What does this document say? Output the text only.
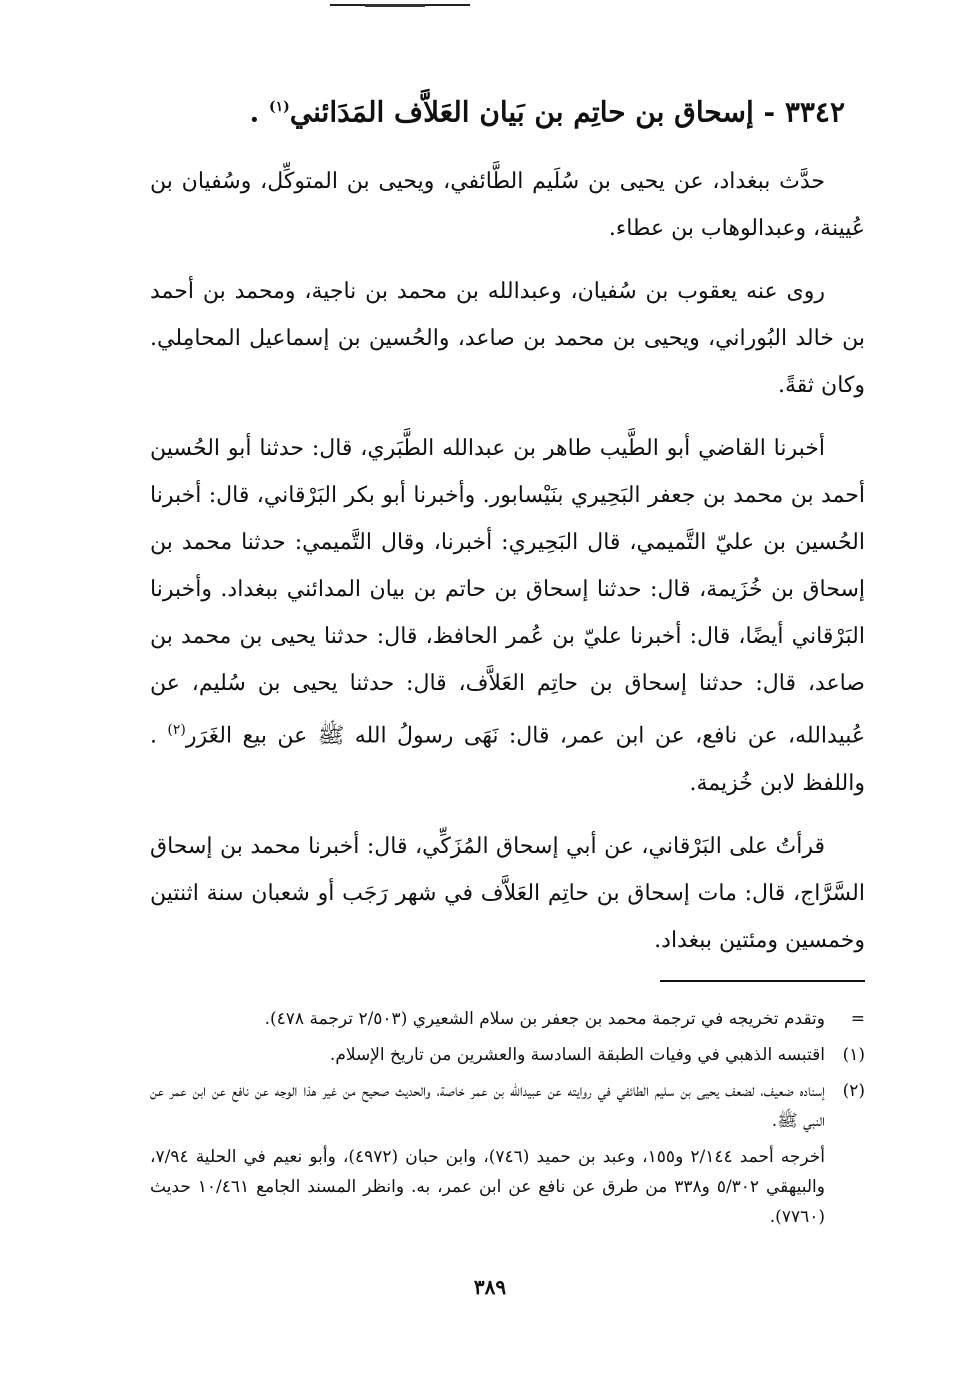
٣٣٤٢ - إسحاق بن حاتِم بن بَيان العَلاَّف المَدَائني$^{(١)}$ .

حدَّث ببغداد، عن يحيى بن سُلَيم الطَّائفي، ويحيى بن المتوكِّل، وسُفيان بن عُيينة، وعبدالوهاب بن عطاء.

روى عنه يعقوب بن سُفيان، وعبدالله بن محمد بن ناجية، ومحمد بن أحمد بن خالد البُوراني، ويحيى بن محمد بن صاعد، والحُسين بن إسماعيل المحامِلي. وكان ثقةً.

أخبرنا القاضي أبو الطَّيب طاهر بن عبدالله الطَّبَري، قال: حدثنا أبو الحُسين أحمد بن محمد بن جعفر البَحِيري بنَيْسابور. وأخبرنا أبو بكر البَرْقاني، قال: أخبرنا الحُسين بن عليّ التَّميمي، قال البَحِيري: أخبرنا، وقال التَّميمي: حدثنا محمد بن إسحاق بن خُزَيمة، قال: حدثنا إسحاق بن حاتم بن بيان المدائني ببغداد. وأخبرنا البَرْقاني أيضًا، قال: أخبرنا عليّ بن عُمر الحافظ، قال: حدثنا يحيى بن محمد بن صاعد، قال: حدثنا إسحاق بن حاتِم العَلاَّف، قال: حدثنا يحيى بن سُليم، عن عُبيدالله، عن نافع، عن ابن عمر، قال: نَهَى رسولُ الله ﷺ عن بيع الغَرَر$^{(٢)}$ . واللفظ لابن خُزيمة.

قرأتُ على البَرْقاني، عن أبي إسحاق المُزَكِّي، قال: أخبرنا محمد بن إسحاق السَّرَّاج، قال: مات إسحاق بن حاتِم العَلاَّف في شهر رَجَب أو شعبان سنة اثنتين وخمسين ومئتين ببغداد.

=
وتقدم تخريجه في ترجمة محمد بن جعفر بن سلام الشعيري (٢/٥٠٣ ترجمة ٤٧٨).
(١)
اقتبسه الذهبي في وفيات الطبقة السادسة والعشرين من تاريخ الإسلام.
(٢)
إسناده ضعيف، لضعف يحيى بن سليم الطائفي في روايته عن عبيدالله بن عمر خاصة، والحديث صحيح من غير هذا الوجه عن نافع عن ابن عمر عن النبي ﷺ.
أخرجه أحمد ٢/١٤٤ و١٥٥، وعبد بن حميد (٧٤٦)، وابن حبان (٤٩٧٢)، وأبو نعيم في الحلية ٧/٩٤، والبيهقي ٥/٣٠٢ و٣٣٨ من طرق عن نافع عن ابن عمر، به. وانظر المسند الجامع ١٠/٤٦١ حديث (٧٧٦٠).
٣٨٩
